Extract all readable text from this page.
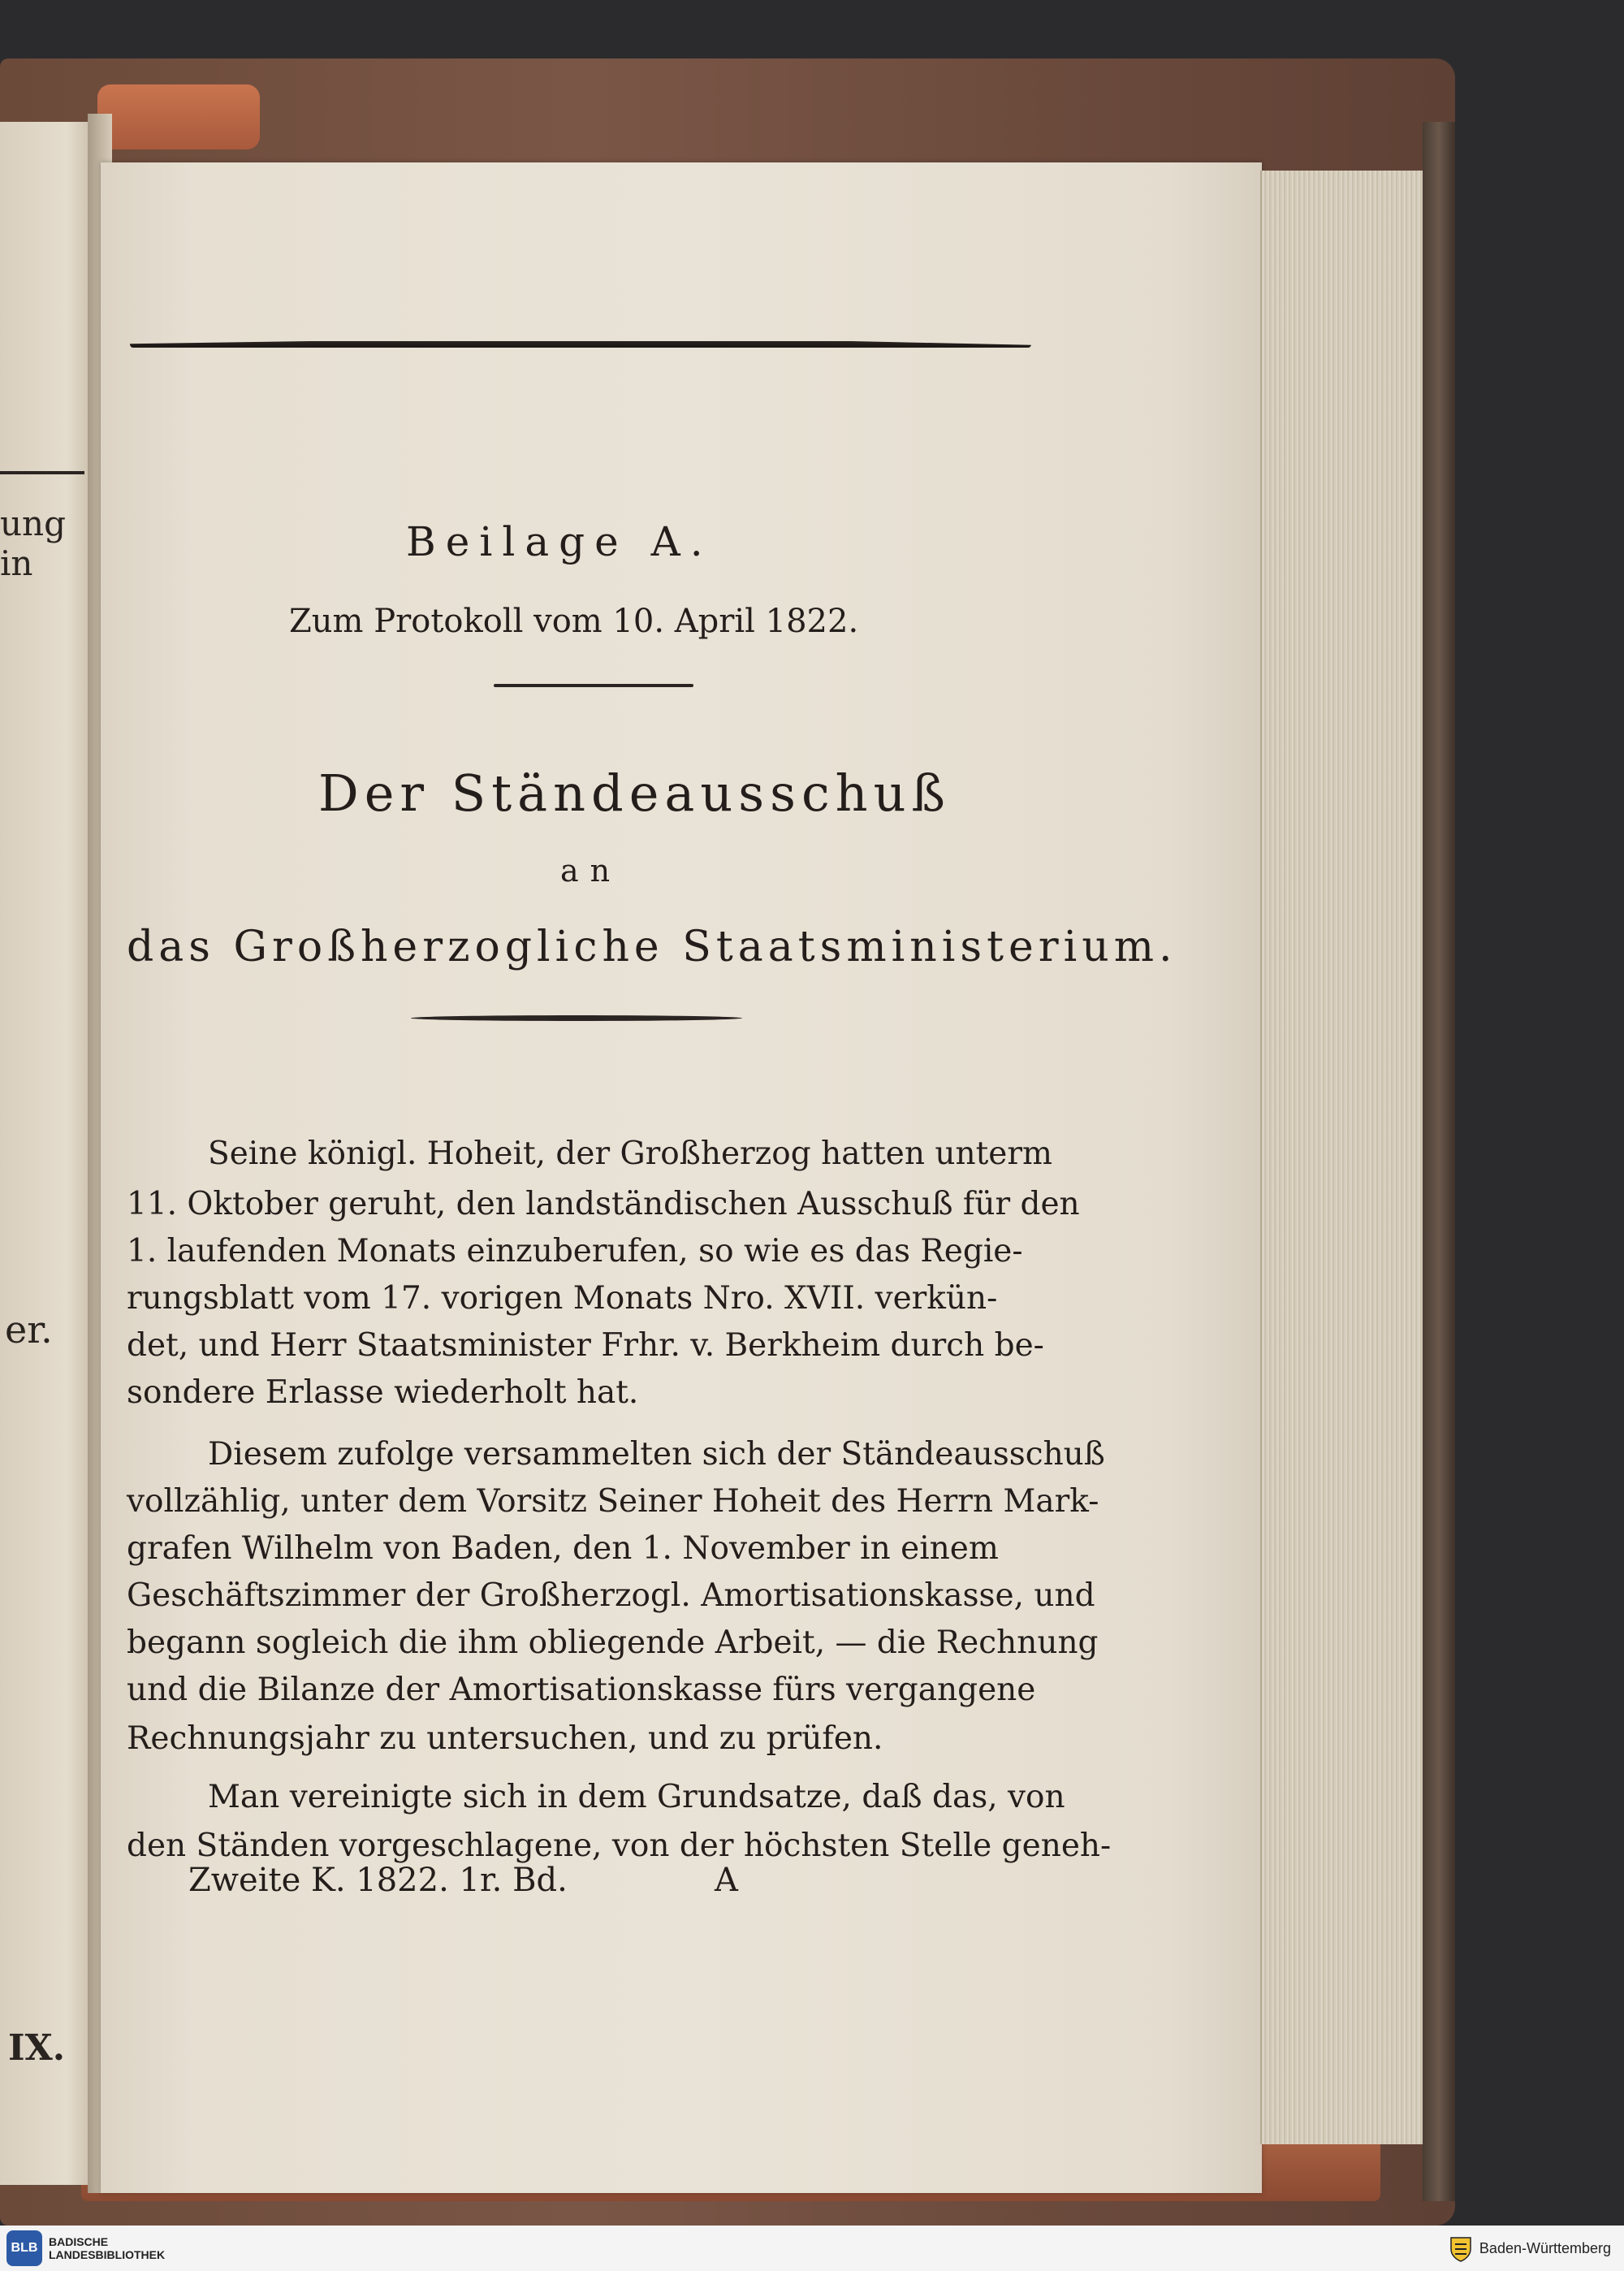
ung in
er.
IX.
Beilage A.
Zum Protokoll vom 10. April 1822.
Der Ständeausschuß
an
das Großherzogliche Staatsministerium.
Seine königl. Hoheit, der Großherzog hatten unterm
11. Oktober geruht, den landständischen Ausschuß für den
1. laufenden Monats einzuberufen, so wie es das Regie-
rungsblatt vom 17. vorigen Monats Nro. XVII. verkün-
det, und Herr Staatsminister Frhr. v. Berkheim durch be-
sondere Erlasse wiederholt hat.
Diesem zufolge versammelten sich der Ständeausschuß
vollzählig, unter dem Vorsitz Seiner Hoheit des Herrn Mark-
grafen Wilhelm von Baden, den 1. November in einem
Geschäftszimmer der Großherzogl. Amortisationskasse, und
begann sogleich die ihm obliegende Arbeit, — die Rechnung
und die Bilanze der Amortisationskasse fürs vergangene
Rechnungsjahr zu untersuchen, und zu prüfen.
Man vereinigte sich in dem Grundsatze, daß das, von
den Ständen vorgeschlagene, von der höchsten Stelle geneh-
Zweite K. 1822. 1r. Bd.	A
BLB BADISCHE
LANDESBIBLIOTHEK	Baden-Württemberg
